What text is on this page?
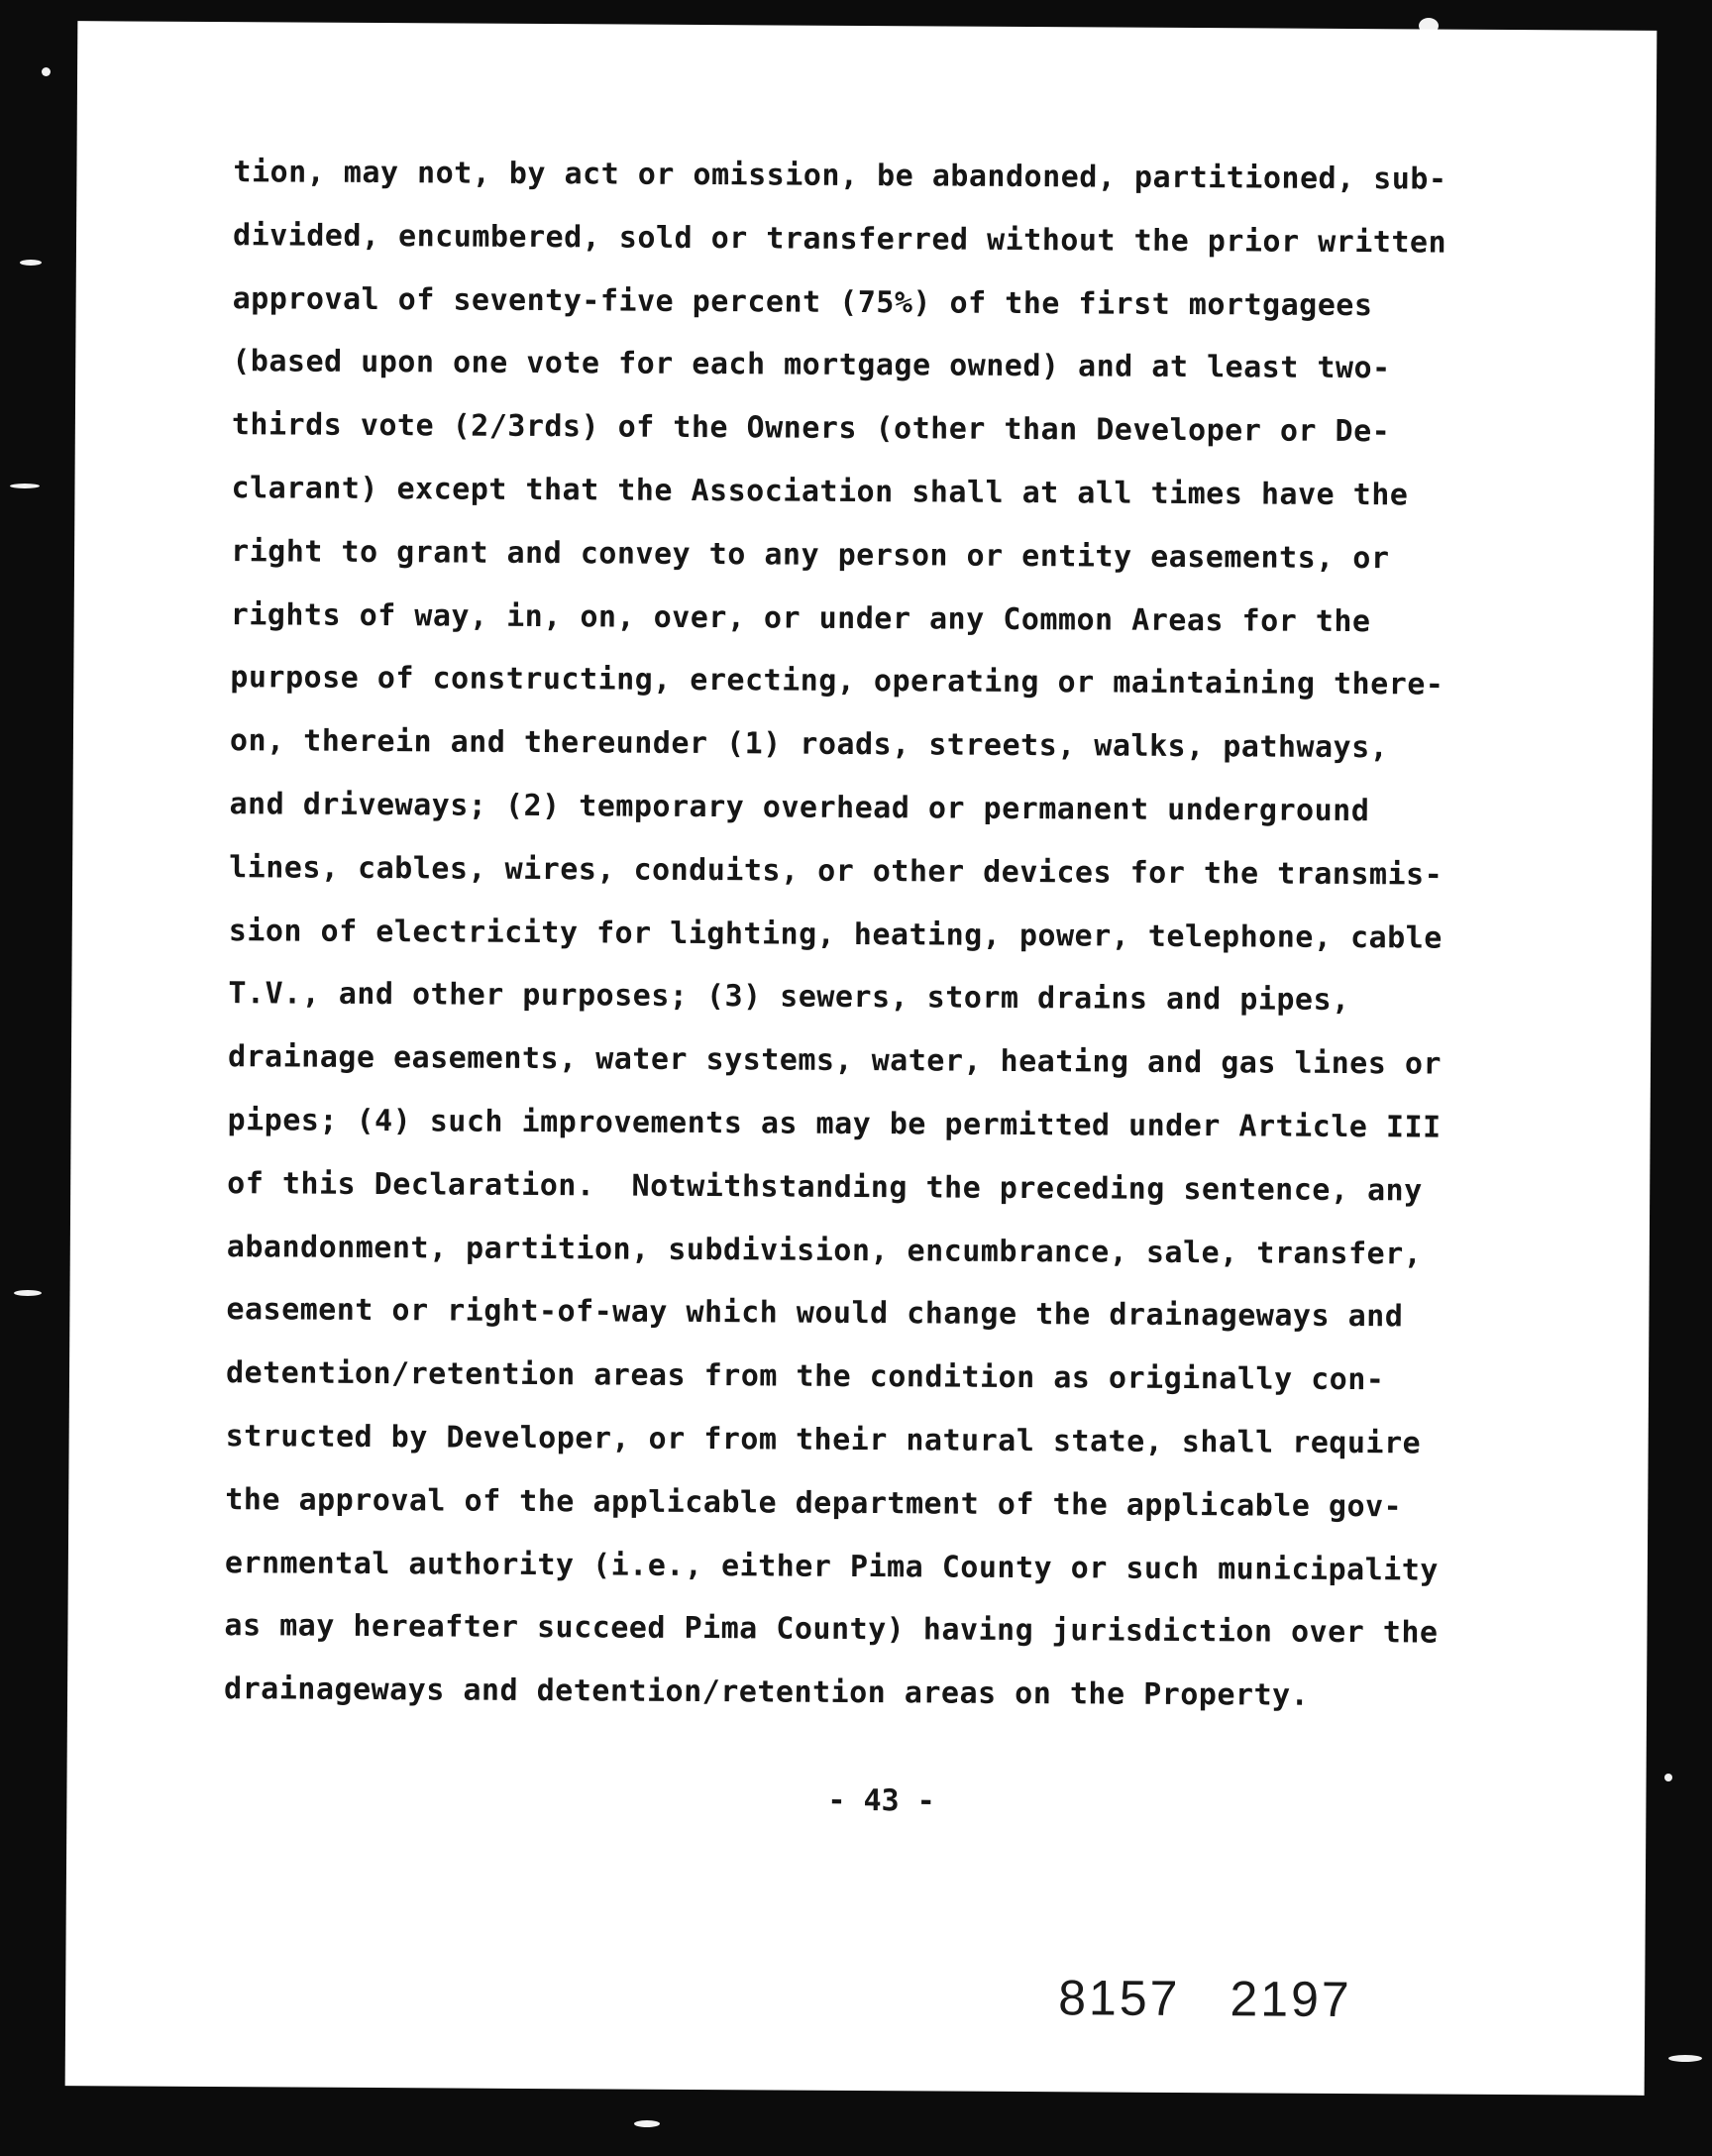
tion, may not, by act or omission, be abandoned, partitioned, sub-
divided, encumbered, sold or transferred without the prior written
approval of seventy-five percent (75%) of the first mortgagees
(based upon one vote for each mortgage owned) and at least two-
thirds vote (2/3rds) of the Owners (other than Developer or De-
clarant) except that the Association shall at all times have the
right to grant and convey to any person or entity easements, or
rights of way, in, on, over, or under any Common Areas for the
purpose of constructing, erecting, operating or maintaining there-
on, therein and thereunder (1) roads, streets, walks, pathways,
and driveways; (2) temporary overhead or permanent underground
lines, cables, wires, conduits, or other devices for the transmis-
sion of electricity for lighting, heating, power, telephone, cable
T.V., and other purposes; (3) sewers, storm drains and pipes,
drainage easements, water systems, water, heating and gas lines or
pipes; (4) such improvements as may be permitted under Article III
of this Declaration.  Notwithstanding the preceding sentence, any
abandonment, partition, subdivision, encumbrance, sale, transfer,
easement or right-of-way which would change the drainageways and
detention/retention areas from the condition as originally con-
structed by Developer, or from their natural state, shall require
the approval of the applicable department of the applicable gov-
ernmental authority (i.e., either Pima County or such municipality
as may hereafter succeed Pima County) having jurisdiction over the
drainageways and detention/retention areas on the Property.
- 43 -
8157 2197
